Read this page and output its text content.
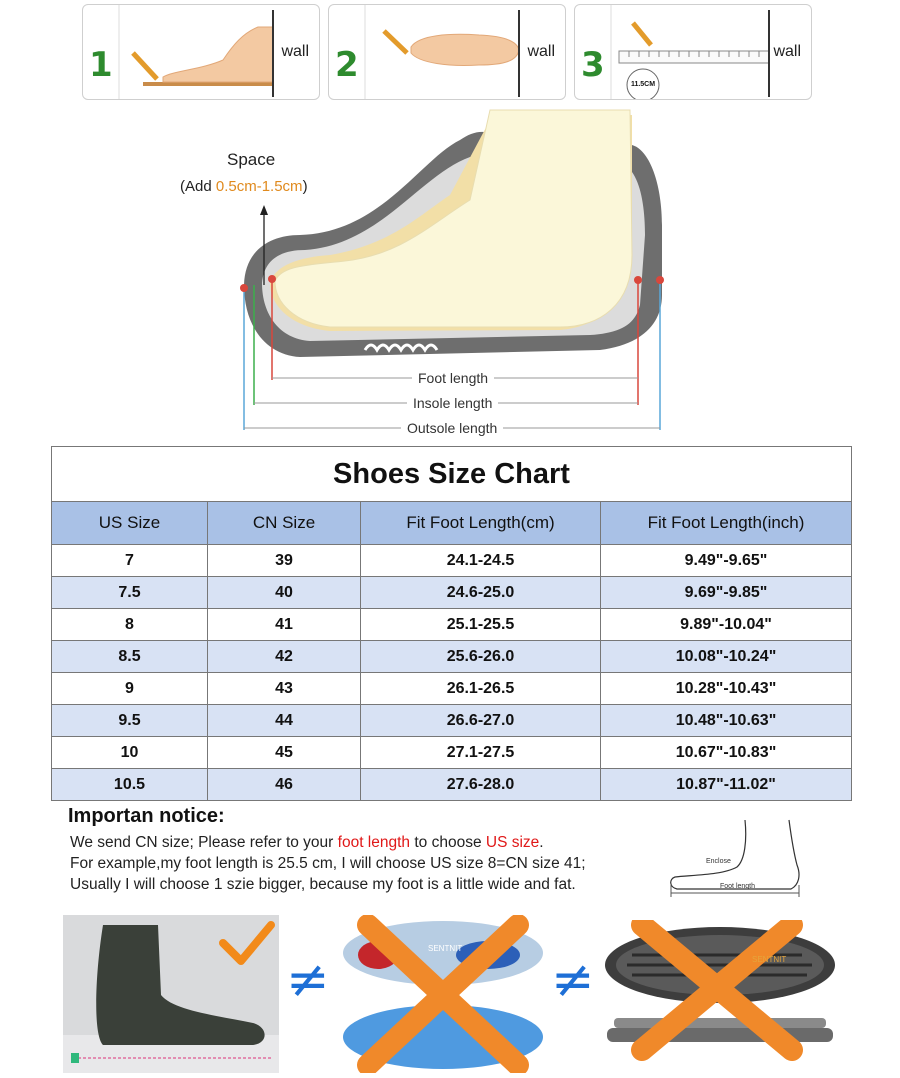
1	wall 2	wall 3	wall
11.5CM
Space
(Add 0.5cm-1.5cm)
Foot length
Insole length
Outsole length
Shoes Size Chart			
US Size	CN Size	Fit Foot Length(cm)	Fit Foot Length(inch)
7	39	24.1-24.5	9.49"-9.65"
7.5	40	24.6-25.0	9.69"-9.85"
8	41	25.1-25.5	9.89"-10.04"
8.5	42	25.6-26.0	10.08"-10.24"
9	43	26.1-26.5	10.28"-10.43"
9.5	44	26.6-27.0	10.48"-10.63"
10	45	27.1-27.5	10.67"-10.83"
10.5	46	27.6-28.0	10.87"-11.02"
Importan notice:
We send CN size; Please refer to your foot length to choose US size.
For example,my foot length is 25.5 cm, I will choose US size 8=CN size 41;
Usually I will choose 1 szie bigger, because my foot is a little wide and fat.
Enclose
Foot length
≠
SENTNIT
≠	SENTNIT
